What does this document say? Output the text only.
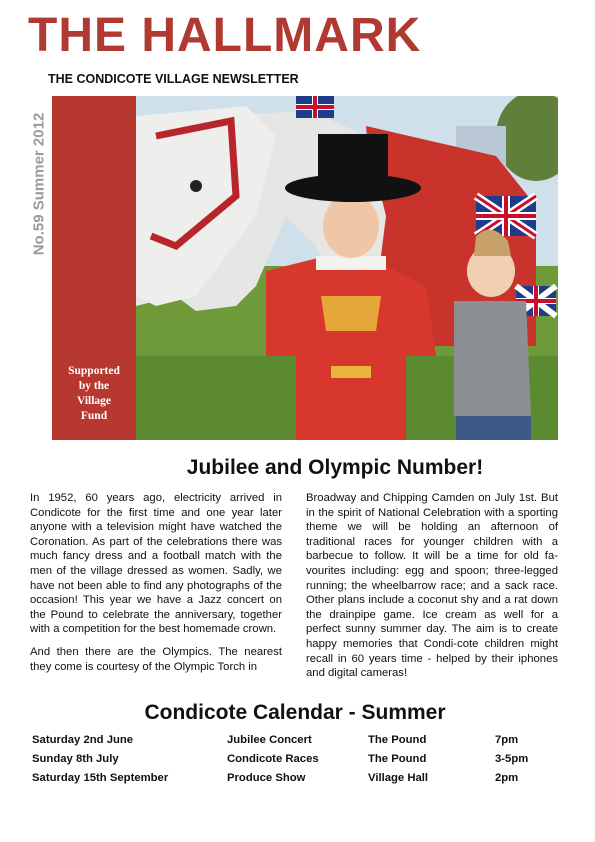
THE HALLMARK
THE CONDICOTE VILLAGE NEWSLETTER
No.59 Summer 2012
Supported
by the
Village
Fund
Jubilee and Olympic Number!

In 1952, 60 years ago, electricity arrived in Condicote for the first time and one year later anyone with a television might have watched the Coronation. As part of the celebrations there was much fancy dress and a football match with the men of the village dressed as women. Sadly, we have not been able to find any photographs of the occasion! This year we have a Jazz concert on the Pound to celebrate the anniversary, together with a competition for the best homemade crown.

And then there are the Olympics. The nearest they come is courtesy of the Olympic Torch in

Broadway and Chipping Camden on July 1st. But in the spirit of National Celebration with a sporting theme we will be holding an afternoon of traditional races for younger children with a barbecue to follow. It will be a time for old fa-vourites including: egg and spoon; three-legged running; the wheelbarrow race; and a sack race. Other plans include a coconut shy and a rat down the drainpipe game. Ice cream as well for a perfect sunny summer day. The aim is to create happy memories that Condi-cote children might recall in 60 years time - helped by their iphones and digital cameras!

Condicote Calendar - Summer
Saturday 2nd June	Jubilee Concert	The Pound	7pm
Sunday 8th July	Condicote Races	The Pound	3-5pm
Saturday 15th September	Produce Show	Village Hall	2pm
